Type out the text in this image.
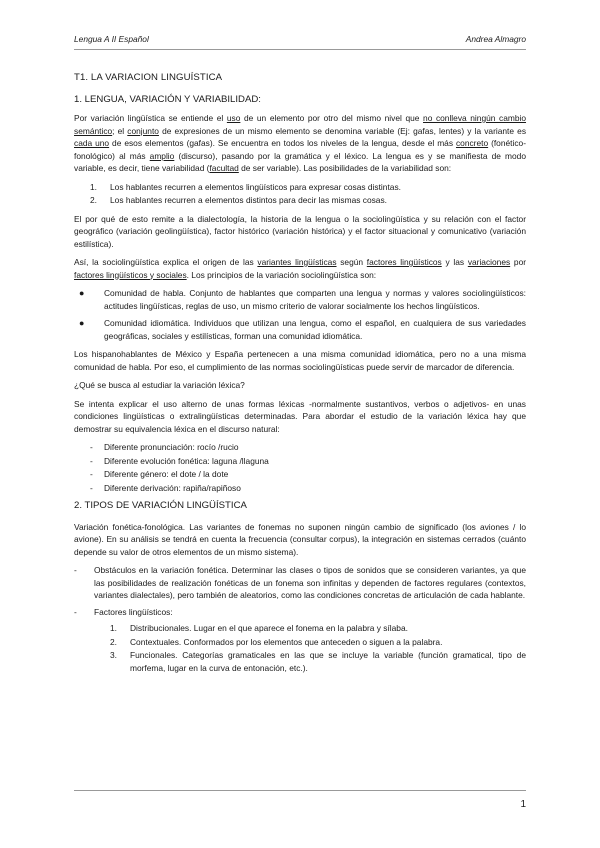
Lengua A II Español	Andrea Almagro
T1. LA VARIACION LINGUÍSTICA
1. LENGUA, VARIACIÓN Y VARIABILIDAD:

Por variación lingüística se entiende el uso de un elemento por otro del mismo nivel que no conlleva ningún cambio semántico; el conjunto de expresiones de un mismo elemento se denomina variable (Ej: gafas, lentes) y la variante es cada uno de esos elementos (gafas). Se encuentra en todos los niveles de la lengua, desde el más concreto (fonético-fonológico) al más amplio (discurso), pasando por la gramática y el léxico. La lengua es y se manifiesta de modo variable, es decir, tiene variabilidad (facultad de ser variable). Las posibilidades de la variabilidad son:

1. Los hablantes recurren a elementos lingüísticos para expresar cosas distintas.
2. Los hablantes recurren a elementos distintos para decir las mismas cosas.

El por qué de esto remite a la dialectología, la historia de la lengua o la sociolingüística y su relación con el factor geográfico (variación geolingüística), factor histórico (variación histórica) y el factor situacional y comunicativo (variación estilística).

Así, la sociolingüística explica el origen de las variantes lingüísticas según factores lingüísticos y las variaciones por factores lingüísticos y sociales. Los principios de la variación sociolingüística son:

● Comunidad de habla. Conjunto de hablantes que comparten una lengua y normas y valores sociolingüísticos: actitudes lingüísticas, reglas de uso, un mismo criterio de valorar socialmente los hechos lingüísticos.
● Comunidad idiomática. Individuos que utilizan una lengua, como el español, en cualquiera de sus variedades geográficas, sociales y estilísticas, forman una comunidad idiomática.

Los hispanohablantes de México y España pertenecen a una misma comunidad idiomática, pero no a una misma comunidad de habla. Por eso, el cumplimiento de las normas sociolingüísticas puede servir de marcador de diferencia.

¿Qué se busca al estudiar la variación léxica?

Se intenta explicar el uso alterno de unas formas léxicas -normalmente sustantivos, verbos o adjetivos- en unas condiciones lingüísticas o extralingüísticas determinadas. Para abordar el estudio de la variación léxica hay que demostrar su equivalencia léxica en el discurso natural:

- Diferente pronunciación: rocío /rucio
- Diferente evolución fonética: laguna /llaguna
- Diferente género: el dote / la dote
- Diferente derivación: rapiña/rapiñoso
2. TIPOS DE VARIACIÓN LINGÜÍSTICA

Variación fonética-fonológica. Las variantes de fonemas no suponen ningún cambio de significado (los aviones / lo avione). En su análisis se tendrá en cuenta la frecuencia (consultar corpus), la integración en sistemas cerrados (cuánto depende su valor de otros elementos de un mismo sistema).

- Obstáculos en la variación fonética. Determinar las clases o tipos de sonidos que se consideren variantes, ya que las posibilidades de realización fonéticas de un fonema son infinitas y dependen de factores regulares (contextos, variantes dialectales), pero también de aleatorios, como las condiciones concretas de articulación de cada hablante.
- Factores lingüísticos:
1. Distribucionales. Lugar en el que aparece el fonema en la palabra y sílaba.
2. Contextuales. Conformados por los elementos que anteceden o siguen a la palabra.
3. Funcionales. Categorías gramaticales en las que se incluye la variable (función gramatical, tipo de morfema, lugar en la curva de entonación, etc.).
1
